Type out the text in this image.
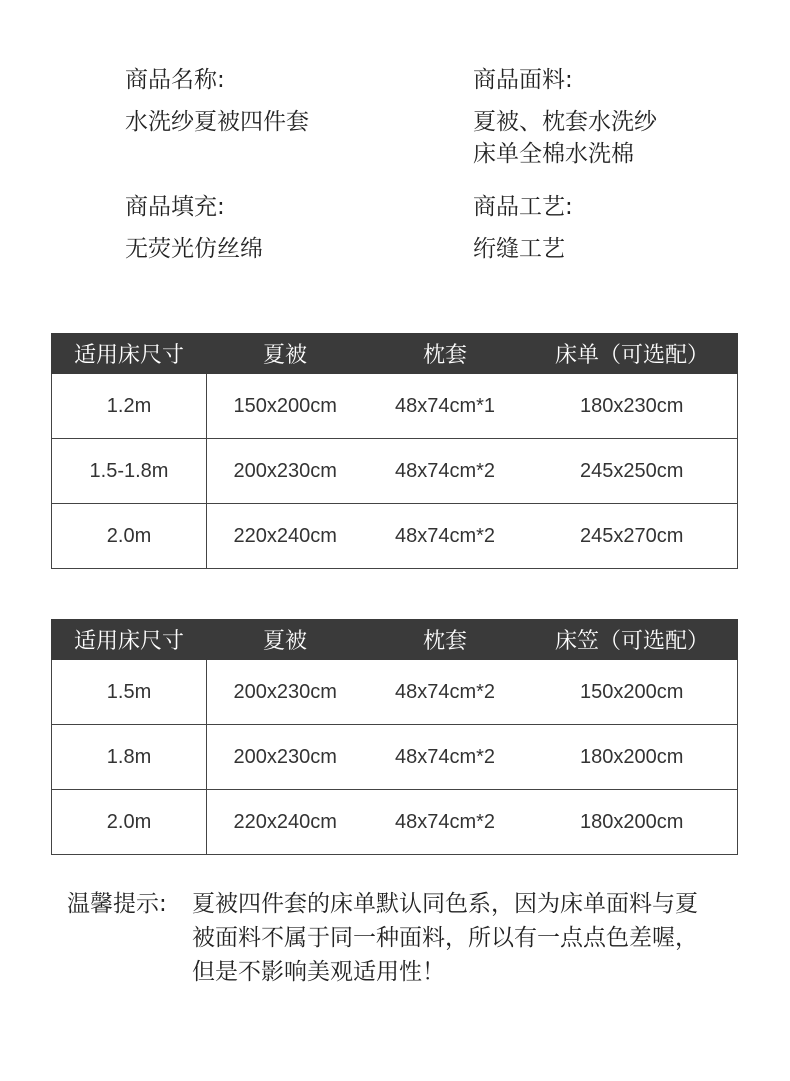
商品名称:
水洗纱夏被四件套
商品面料:
夏被、枕套水洗纱
床单全棉水洗棉
商品填充:
无荧光仿丝绵
商品工艺:
绗缝工艺
适用床尺寸	夏被	枕套	床单（可选配）
1.2m	150x200cm	48x74cm*1	180x230cm
1.5-1.8m	200x230cm	48x74cm*2	245x250cm
2.0m	220x240cm	48x74cm*2	245x270cm
适用床尺寸	夏被	枕套	床笠（可选配）
1.5m	200x230cm	48x74cm*2	150x200cm
1.8m	200x230cm	48x74cm*2	180x200cm
2.0m	220x240cm	48x74cm*2	180x200cm
温馨提示: 夏被四件套的床单默认同色系，因为床单面料与夏
被面料不属于同一种面料，所以有一点点色差喔，
但是不影响美观适用性！
